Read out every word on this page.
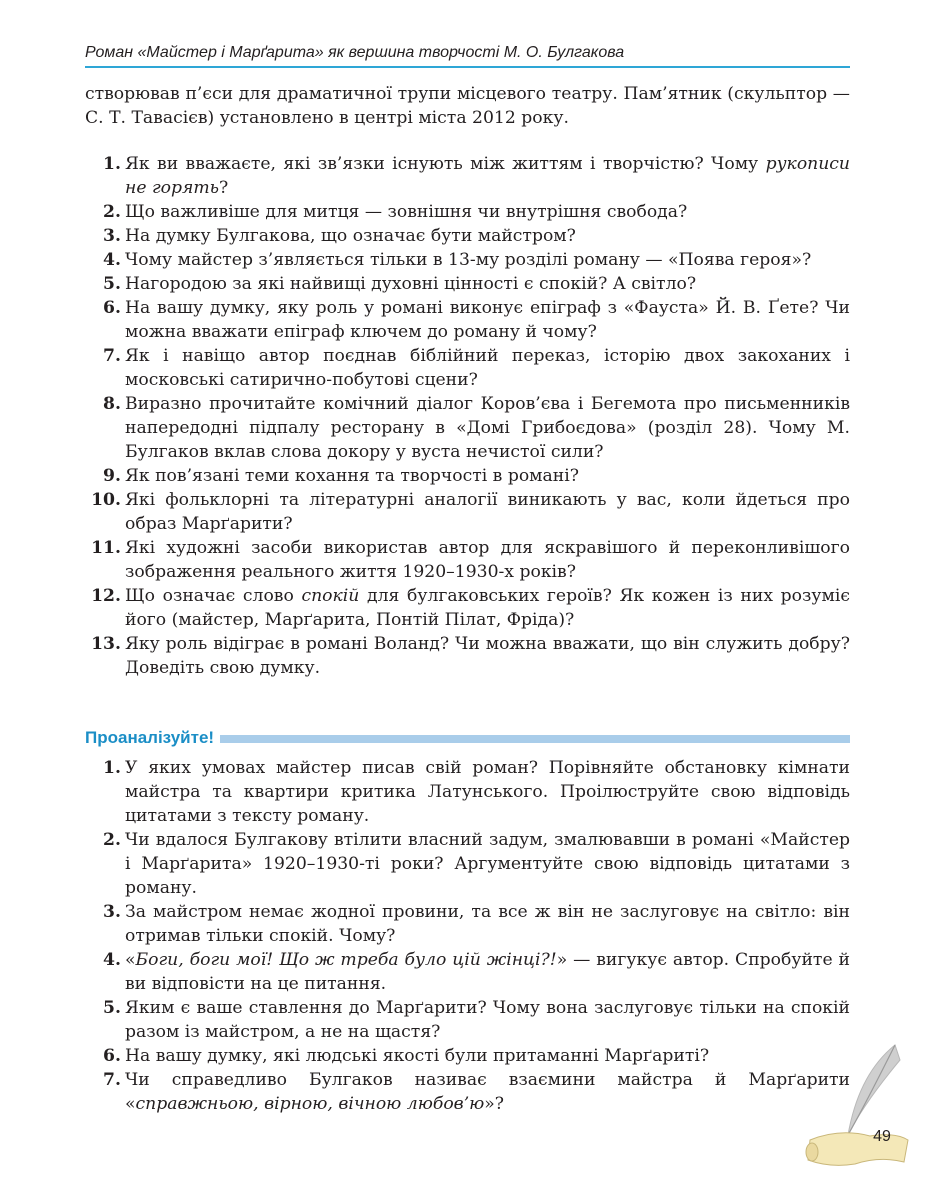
Роман «Майстер і Марґарита» як вершина творчості М. О. Булгакова

створював п’єси для драматичної трупи місцевого театру. Пам’ятник (скульптор — С. Т. Тавасієв) установлено в центрі міста 2012 року.

1. Як ви вважаєте, які зв’язки існують між життям і творчістю? Чому рукописи не горять?
2. Що важливіше для митця — зовнішня чи внутрішня свобода?
3. На думку Булгакова, що означає бути майстром?
4. Чому майстер з’являється тільки в 13-му розділі роману — «Поява героя»?
5. Нагородою за які найвищі духовні цінності є спокій? А світло?
6. На вашу думку, яку роль у романі виконує епіграф з «Фауста» Й. В. Ґете? Чи можна вважати епіграф ключем до роману й чому?
7. Як і навіщо автор поєднав біблійний переказ, історію двох закоханих і московські сатирично-побутові сцени?
8. Виразно прочитайте комічний діалог Коров’єва і Бегемота про письменників напередодні підпалу ресторану в «Домі Грибоєдова» (розділ 28). Чому М. Булгаков вклав слова докору у вуста нечистої сили?
9. Як пов’язані теми кохання та творчості в романі?
10. Які фольклорні та літературні аналогії виникають у вас, коли йдеться про образ Марґарити?
11. Які художні засоби використав автор для яскравішого й переконливішого зображення реального життя 1920–1930-х років?
12. Що означає слово спокій для булгаковських героїв? Як кожен із них розуміє його (майстер, Марґарита, Понтій Пілат, Фріда)?
13. Яку роль відіграє в романі Воланд? Чи можна вважати, що він служить добру? Доведіть свою думку.
Проаналізуйте!
1. У яких умовах майстер писав свій роман? Порівняйте обстановку кімнати майстра та квартири критика Латунського. Проілюструйте свою відповідь цитатами з тексту роману.
2. Чи вдалося Булгакову втілити власний задум, змалювавши в романі «Майстер і Марґарита» 1920–1930-ті роки? Аргументуйте свою відповідь цитатами з роману.
3. За майстром немає жодної провини, та все ж він не заслуговує на світло: він отримав тільки спокій. Чому?
4. «Боги, боги мої! Що ж треба було цій жінці?!» — вигукує автор. Спробуйте й ви відповісти на це питання.
5. Яким є ваше ставлення до Марґарити? Чому вона заслуговує тільки на спокій разом із майстром, а не на щастя?
6. На вашу думку, які людські якості були притаманні Марґариті?
7. Чи справедливо Булгаков називає взаємини майстра й Марґарити «справжньою, вірною, вічною любов’ю»?
49
